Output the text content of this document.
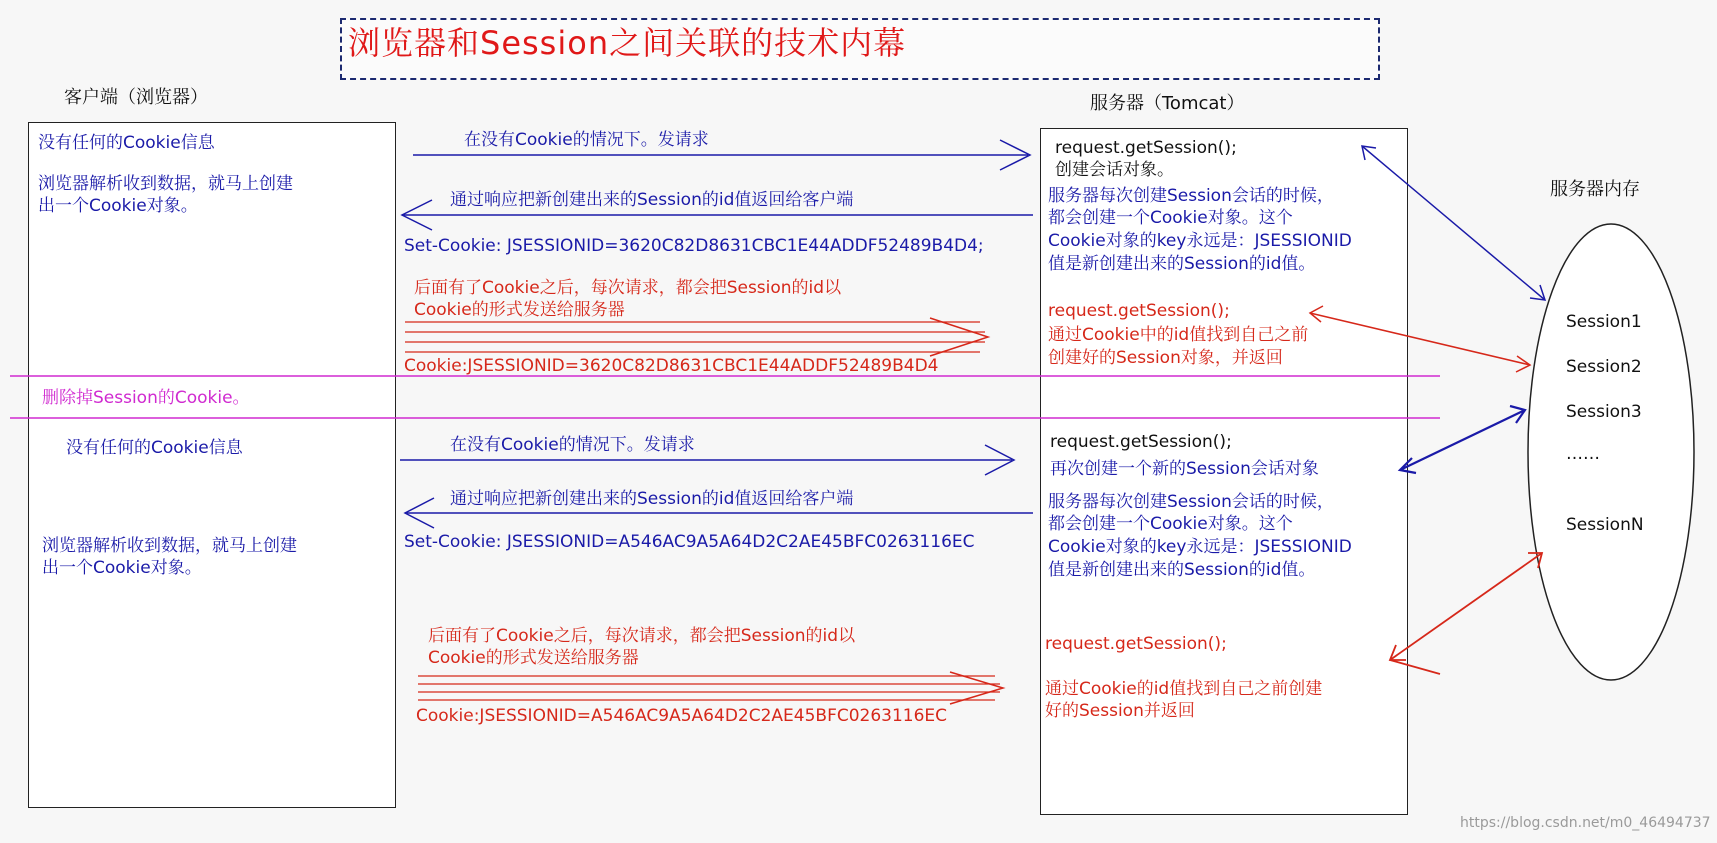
浏览器和Session之间关联的技术内幕
客户端（浏览器）	服务器（Tomcat）
服务器内存
Session1
Session2
Session3
……
SessionN
没有任何的Cookie信息
浏览器解析收到数据，就马上创建
出一个Cookie对象。
没有任何的Cookie信息
浏览器解析收到数据，就马上创建
出一个Cookie对象。
删除掉Session的Cookie。
在没有Cookie的情况下。发请求
通过响应把新创建出来的Session的id值返回给客户端
Set-Cookie: JSESSIONID=3620C82D8631CBC1E44ADDF52489B4D4;
后面有了Cookie之后，每次请求，都会把Session的id以
Cookie的形式发送给服务器
Cookie:JSESSIONID=3620C82D8631CBC1E44ADDF52489B4D4
在没有Cookie的情况下。发请求
通过响应把新创建出来的Session的id值返回给客户端
Set-Cookie: JSESSIONID=A546AC9A5A64D2C2AE45BFC0263116EC
后面有了Cookie之后，每次请求，都会把Session的id以
Cookie的形式发送给服务器
Cookie:JSESSIONID=A546AC9A5A64D2C2AE45BFC0263116EC
request.getSession();
创建会话对象。
服务器每次创建Session会话的时候，
都会创建一个Cookie对象。这个
Cookie对象的key永远是：JSESSIONID
值是新创建出来的Session的id值。
request.getSession();
通过Cookie中的id值找到自己之前
创建好的Session对象，并返回
request.getSession();
再次创建一个新的Session会话对象
服务器每次创建Session会话的时候，
都会创建一个Cookie对象。这个
Cookie对象的key永远是：JSESSIONID
值是新创建出来的Session的id值。
request.getSession();
通过Cookie的id值找到自己之前创建
好的Session并返回
https://blog.csdn.net/m0_46494737
